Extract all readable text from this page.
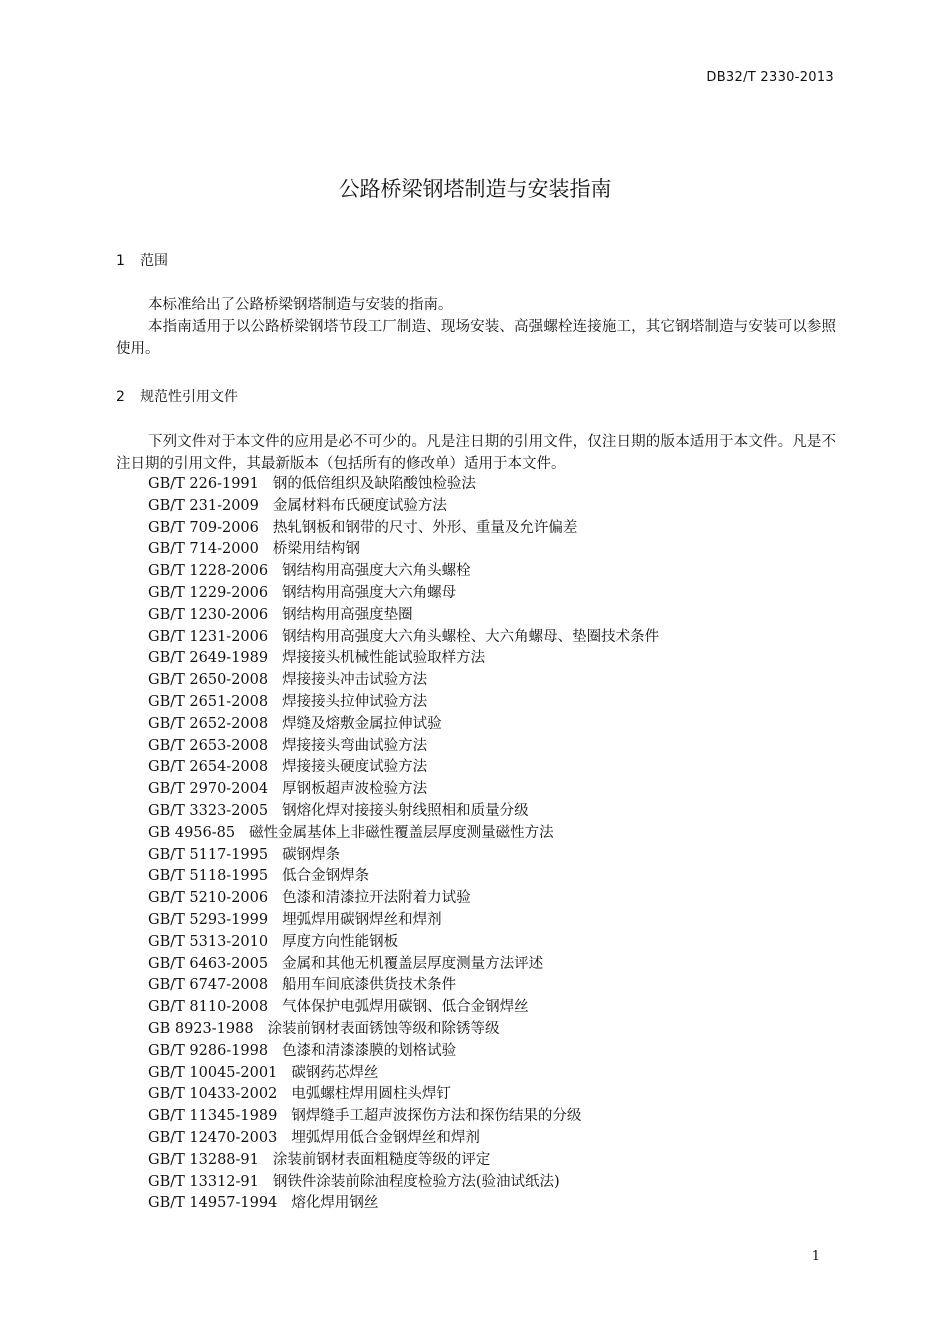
DB32/T 2330-2013
公路桥梁钢塔制造与安装指南
1 范围

本标准给出了公路桥梁钢塔制造与安装的指南。

本指南适用于以公路桥梁钢塔节段工厂制造、现场安装、高强螺栓连接施工，其它钢塔制造与安装可以参照使用。

2 规范性引用文件

下列文件对于本文件的应用是必不可少的。凡是注日期的引用文件，仅注日期的版本适用于本文件。凡是不注日期的引用文件，其最新版本（包括所有的修改单）适用于本文件。

GB/T 226-1991 钢的低倍组织及缺陷酸蚀检验法
GB/T 231-2009 金属材料布氏硬度试验方法
GB/T 709-2006 热轧钢板和钢带的尺寸、外形、重量及允许偏差
GB/T 714-2000 桥梁用结构钢
GB/T 1228-2006 钢结构用高强度大六角头螺栓
GB/T 1229-2006 钢结构用高强度大六角螺母
GB/T 1230-2006 钢结构用高强度垫圈
GB/T 1231-2006 钢结构用高强度大六角头螺栓、大六角螺母、垫圈技术条件
GB/T 2649-1989 焊接接头机械性能试验取样方法
GB/T 2650-2008 焊接接头冲击试验方法
GB/T 2651-2008 焊接接头拉伸试验方法
GB/T 2652-2008 焊缝及熔敷金属拉伸试验
GB/T 2653-2008 焊接接头弯曲试验方法
GB/T 2654-2008 焊接接头硬度试验方法
GB/T 2970-2004 厚钢板超声波检验方法
GB/T 3323-2005 钢熔化焊对接接头射线照相和质量分级
GB 4956-85 磁性金属基体上非磁性覆盖层厚度测量磁性方法
GB/T 5117-1995 碳钢焊条
GB/T 5118-1995 低合金钢焊条
GB/T 5210-2006 色漆和清漆拉开法附着力试验
GB/T 5293-1999 埋弧焊用碳钢焊丝和焊剂
GB/T 5313-2010 厚度方向性能钢板
GB/T 6463-2005 金属和其他无机覆盖层厚度测量方法评述
GB/T 6747-2008 船用车间底漆供货技术条件
GB/T 8110-2008 气体保护电弧焊用碳钢、低合金钢焊丝
GB 8923-1988 涂装前钢材表面锈蚀等级和除锈等级
GB/T 9286-1998 色漆和清漆漆膜的划格试验
GB/T 10045-2001 碳钢药芯焊丝
GB/T 10433-2002 电弧螺柱焊用圆柱头焊钉
GB/T 11345-1989 钢焊缝手工超声波探伤方法和探伤结果的分级
GB/T 12470-2003 埋弧焊用低合金钢焊丝和焊剂
GB/T 13288-91 涂装前钢材表面粗糙度等级的评定
GB/T 13312-91 钢铁件涂装前除油程度检验方法(验油试纸法)
GB/T 14957-1994 熔化焊用钢丝
1
